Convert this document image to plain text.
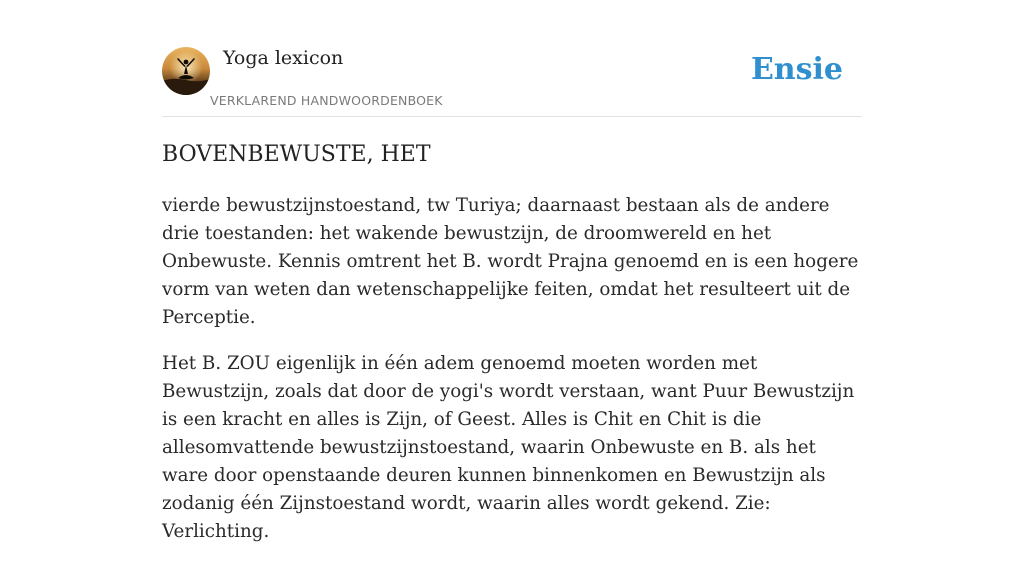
Yoga lexicon
VERKLAREND HANDWOORDENBOEK
Ensie
BOVENBEWUSTE, HET

vierde bewustzijnstoestand, tw Turiya; daarnaast bestaan als de andere drie toestanden: het wakende bewustzijn, de droomwereld en het Onbewuste. Kennis omtrent het B. wordt Prajna genoemd en is een hogere vorm van weten dan wetenschappelijke feiten, omdat het resulteert uit de Perceptie.

Het B. ZOU eigenlijk in één adem genoemd moeten worden met Bewustzijn, zoals dat door de yogi's wordt verstaan, want Puur Bewustzijn is een kracht en alles is Zijn, of Geest. Alles is Chit en Chit is die allesomvattende bewustzijnstoestand, waarin Onbewuste en B. als het ware door openstaande deuren kunnen binnenkomen en Bewustzijn als zodanig één Zijnstoestand wordt, waarin alles wordt gekend. Zie: Verlichting.
